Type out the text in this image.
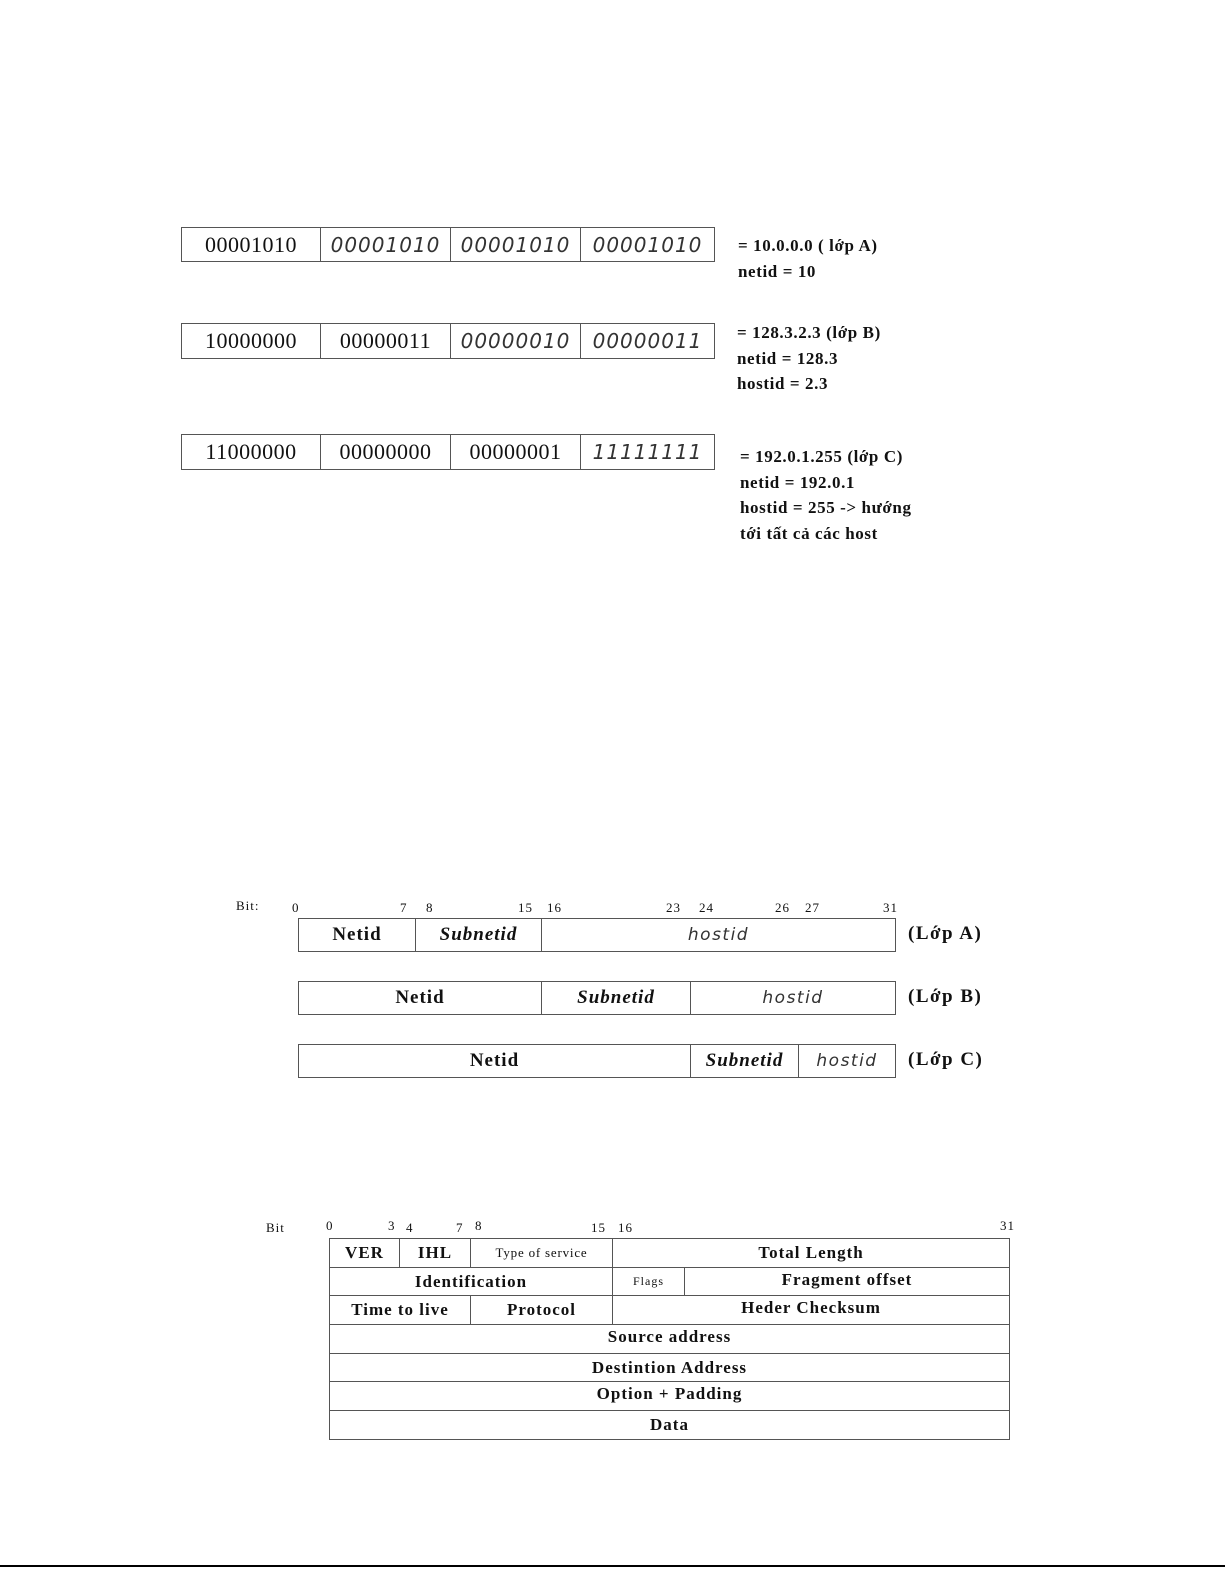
00001010 00001010 00001010 00001010 = 10.0.0.0 ( lớp A)
netid = 10
10000000 00000011 00000010 00000011 = 128.3.2.3 (lớp B)
netid = 128.3
hostid = 2.3
11000000 00000000 00000001 11111111 = 192.0.1.255 (lớp C)
netid = 192.0.1
hostid = 255 -> hướng
tới tất cả các host
Bit: 0	7 8	15 16	23 24	26 27	31
Netid	Subnetid	hostid	(Lớp A)
Netid	Subnetid	hostid	(Lớp B)
Netid	Subnetid hostid (Lớp C)
Bit	0	3 4	7 8	15 16	31
VER IHL	Type of service	Total Length
Identification	Flags	Fragment offset
Time to live	Protocol	Heder Checksum
Source address
Destintion Address
Option + Padding
Data
